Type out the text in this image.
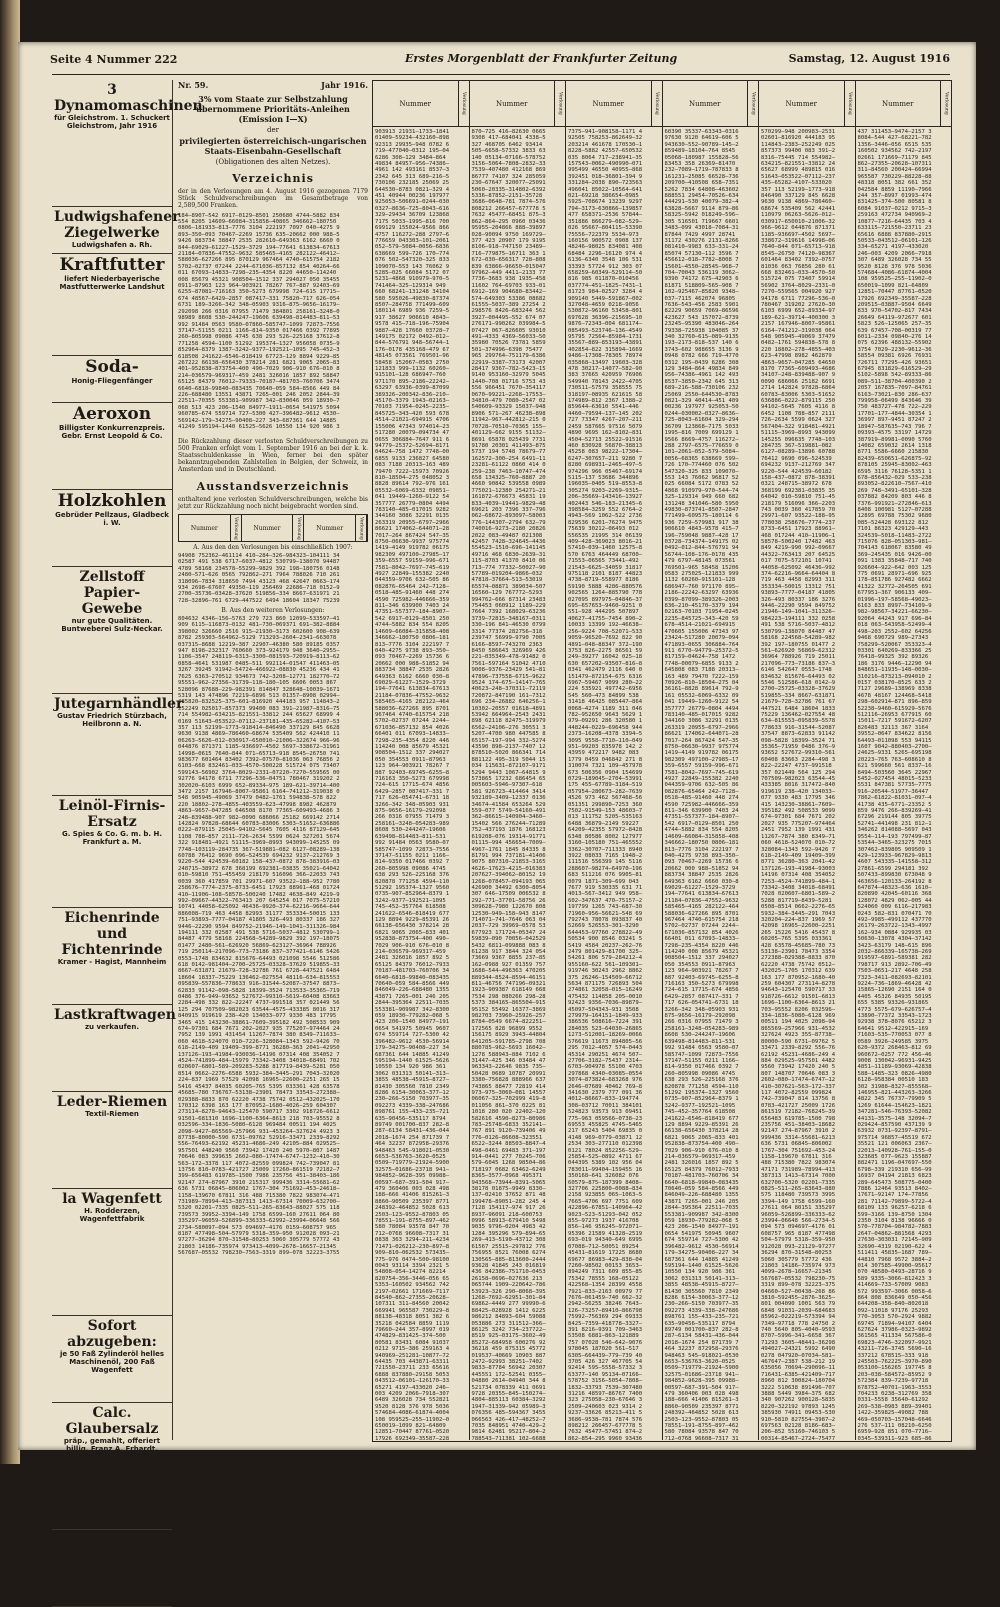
Seite 4 Nummer 222	Erstes Morgenblatt der Frankfurter Zeitung	Samstag, 12. August 1916
3 Dynamomaschinen
für Gleichstrom. 1. Schuckert Gleichstrom, Jahr 1916
Ludwigshafener Ziegelwerke
Ludwigshafen a. Rh.
Kraftfutter
liefert Niederbayerische Mastfutterwerke Landshut
Soda-
Honig-Fliegenfänger
Aeroxon
Billigster Konkurrenzpreis. Gebr. Ernst Leopold & Co.
Holzkohlen
Gebrüder Pellzaus, Gladbeck i. W.
Zellstoff Papier-Gewebe
nur gute Qualitäten. Buntweberei Sulz-Neckar.
Jutegarnhändler
Gustav Friedrich Stürzbach, Heilbronn a. N.
Leinöl-Firnis-Ersatz
G. Spies & Co. G. m. b. H. Frankfurt a. M.
Eichenrinde und Fichtenrinde
Kramer - Hagist, Mannheim
Lastkraftwagen
zu verkaufen.
Leder-Riemen
Textil-Riemen
la Wagenfett
H. Rodderzen, Wagenfettfabrik
Sofort abzugeben:
je 50 Faß Zylinderöl helles Maschinenöl, 200 Faß Wagenfett
Calc. Glaubersalz
präp., gemahlt, offeriert billig. Franz A. Erhardt, Frankfurt a. M. 208.
Eier-Schachteln
J. Schmidt, Saarbrücken 3.
Nr. 59.	Jahr 1916.
3% vom Staate zur Selbstzahlung übernommene Prioritäts-Anleihen (Emission I—X)
der
privilegierten österreichisch-ungarischen Staats-Eisenbahn-Gesellschaft
(Obligationen des alten Netzes).
Verzeichnis

der in den Verlosungen am 4. August 1916 gezogenen 7179 Stück Schuldverschreibungen im Gesamtbetrage von 2,589,500 Franken.

184—8907—542 6917—0129—8501 250680 4744—5882 834
554 8205 14609—66084—315858—40865 346662—180750
0806—181933—813—7776 3104 222197 7097 040—4275 9
893—350—093 70467—2269 15736 635—20662 000 988—5
9426 883734 38847 2535 282610—649363 6162 6660 0
844—69029—61227—1529—3729 194—77641 613834—67613
21184—07836—47552—9632 585465—4165 282122—46412—
588036—627266 895 870129 967464 4740—615754 2182
5702—02737 07244 2244—671036—857132 854 40264—66
011 67093—14833—7298—235—4354 8220 44650—114240
008 85679 45321 908504—1512 337 294027 050 35455
0911—87963 123 964—903921 78267 767—887 92403—69
6255—87081—716163 350—5273 679998 724—615 17715—
674 48567—6429—2857 087417—331 75820—717 626—054
6731 189—3266—342 348—05903 9316—875—9656—16179—
292098 266 0316 07955 71479 384801 258161—3248—0
98989 8608 530—244247—19606 639498—814483—811—53
992 91484 0563 9580—07860—585747—1099 72873—7556
37147—51155 0211 1166—814—9350 017466 0392 77895
260—805998 09086 4745 638 293 526—225168 37612—8
771258 4594—1100 51292 195374—1327 956058 0735—9
852964—8379 1387—3242—9377—192521—1095 745—452—3
618508 241622—6546—818419 67723—129 8894 9229—85
267222 66138—656430 378214 281 6821 9065 2065—83
401—952838—873754—400 490—7029 906—910 676—010 8
214—036579—969317—459 2481 326016 1857 892 58847
65125 84379 76012—79333—70187—481703—760706 3474
6640—6818—99840—083435 70640—059 584—8566 449 84
226—688480 13551 43871 7265—001 246 2052 2844—39
22511—70355 553381—909987 342—830046 059 18930—7
068 513 423 206—1540 84977—1911—0654 541975 5094
960785—674 559714 727—5300 427—396482—9612 4530—
569142—179—34275—90408—227 343—687361 644 14885
41249 595194—1440 61525—5626 10550 134 920 986 3

Die Rückzahlung dieser verlosten Schuldverschreibungen zu 500 Franken erfolgt vom 1. September 1916 an bei der k. k. Staatsschuldenkasse in Wien, ferner bei den später bekanntzugebenden Zahlstellen in Belgien, der Schweiz, in Amsterdam und in Deutschland.

Ausstandsverzeichnis

enthaltend jene verlosten Schuldverschreibungen, welche bis jetzt zur Rückzahlung noch nicht beigebracht worden sind.

Nummer	Verlosung	Nummer	Verlosung	Nummer	Verlosung
A. Aus den den Verlosungen bis einschließlich 1907:
94908 752362—461114 410—284—326—984323—104111 34
02587 491 538 6717—6037—4812 530799—138070 94487
4789 58168 234578—55299—9829 392 198—180756 0148
2480—571—626 0565 792862—271 7964 788026 710 261
318096—7834 318650 7494 43123 468 42647 0663—174
934 2698—67607 49350—119 256469 22686—718 0152—9
2700—35736—03428—37620 519856—334 8667—631971 21
728—32896—761 6729—447522 6494 18604 18347 75239
B. Aus den weiteren Verlosungen:
804632 4346—156—5763 279 723 860 12099—533597—41
909 6115—116873—0132 481—730—069371 691—382—8884
398002 326660 2516 915—21930—3173 602600 908—639
8782 259303—564962—5129 713293—2604—2341—663078
037315—8688 12219—387 22907—46380 580 89185 0357
947 8198—232317 760660 373—924179 948 3640—2955—
1106—3547 248119—6313—3300—081593—720919—8113—62
0858—4641 531987 0485—511 992114—01547 411463—05
3267 39245 91942—54724—466922—08830 45236 434 41
7625 6363—270512 934673 742—3208—12771 182770—72
95551—962—27356—31739—118—180—105 6606 0053 867
528096 87688—229—982391 814847 328648—10039—1671
5319 143 474896 72219—6896 513 01357—8908 02994—
485820—832525—375—601—816920 444183 957 114843—2
252249 025017—857373 99400 083 391—21987—8316—75
714 554982—634215—821551—33812 244 65627 68999 4
0169 51643—053522—07112—237181—435—65282—4107—53
357 113 52199—1773—918414—846490 337129 845 6628
9630 9138 4869—786460—68674 535409 562 424410 11
06263—5626—012—030917—650010—21006—322674 966—96
044876 871371 1185—936697—4502 5697—338672—31961
14998—0615 7640—844 071—65713—918 8545—26750 741
983677 601464 83402 7392—07570—81036 063 76856 2
6103—668 832461—033—4570—500228 515724 075 73407
599143—56902 3764—8029—2331—07220—7270—559565 00
92776 94178 6711 77296—536—04751 780467 319202 2
302020—6103 6999 652—89334—975 189—621—39714—400
3472 2157 167946—8007—95861 6164—741212—319038 0
548 905945—49069 37479 0482—1761 594838—578 822
220 18802—278—4855—403559—623—47998 8982 462879
4863—9657—047285 646508 8170 77365—609493—4686 3
248—839488—907 982—0090 686066 25182 669142 2714
142824 97828—68644 60783—83006 5303—51652—636886
0222—879115 25045—94102—5645 7605 4116 87129—645
1108 788—857 2111—726—2634 5599 0624 327201 5674
322 918481—4921 51115—3969—8993 943099—145255 09
7748—103119—284735 367—519881—082 6127—08289—138
60788 76412 9690 096—524539 694232 9137—212769 3
9220—544 424539—60182 158—437—0872 878—383916—03
248715—38972 678 368199 692381—03835 35021—64042
010—59810 751—455459 218179 516096 366—22033 743
0039 360 417859 701 29971—607 93522—188—952 7780
258676—7774—2375—8733—6451 17923 88961—468 01724
410—11906—108—58578—500240 17482 4638—849 4219—9
992—09667—44322—763413 207 645254 017 7075—57210
10741 44058—625092 46436—9920—374—62216—9664—644
886008—719 463 4458 82993 31177 353334—50015 133
751—93893—7777—04187 41805 326—493 80337 186 327
9446—22290 9594 849752—21946—149—1041—311326—984
194111 332 02587 491 538 5716—5037—4812 530799—1
84487 4779 58168 224568—54289—9829 392 197—18075
01477 2480—561—626920 56869—623127—36964 788926
719 250114—217096—773—73186 837—377421—6146 5426
0553—1748 834632 815676—64493 021098 5546 512586
618 0142—981404—2700—25725—03328—37629 519855—33
8667—631871 21679—728—32786 761 6728—447521 6484
18604 18337—75229 136462—027554 48116—634—815553
095839—557836—778633 916—31544—52087—37547 8873—
62833 91142—098—5828 18399—3524 713533—35365—719
0486 376—949—93652 527672—99310—5619—60408 83663
2284—498 332 822—22247 4737—991518 357 021449 56
125 294 707509—982023 63544—4575—433385 8016 317
840915 919619 238—420 134033—077 9330 483 17795
3465 415 143230—38861—7609—395182 492 508533 909
674—97301 684 7671 202—2027 935 775207—974464 24
7952 139 1991 431454 11267—7874 380 8349—711633—
060 4618—524070 010—7226—328084—1343 592—9426 70
618—2149—409 19409—399—8771 36280—363 2041—42950
137126—193—41984—930036—14196 07314 408 354052 7
4524—741899—484—15979 73342—3408 34018—68491 702
020607—6801—589—209283—5288 817719—8439—5281 050
8514 0662—2276—6588 5932—384—3445—291 7043—32020
224—837 1969 57529 42098 16965—22600—2251 265 15
5416 45437 84035 60205—765 5395 033361 428 63578
45685—780 736767—53138—23901 78473 33543—272388—
029388—8833 870 62220 4738 75742 0512—432025—170
170312 6398 163 177 870952—1680—4026—259 604307
273114—8278—94643—125470 590717 3302 918726—6612
91501—681310 1696—1100—6364—8613 218 703—95552 8
032596—334—1836—5080—6128 969484 00511 194 4025
2098—9427—865569—257966 931—453264—327624 4923 3
87738—80000—590 6731—09762 52916—33471 2339—8292
556—76493—62192 45231—4686—249 42105—884 029525—
957501 448240 9560 73942 17420 240 5970—807 1487
70646 083 399635 2602—080—17474—6747—1232—410—30
563—172—3378 117 4072—82559 099824 742—739047 81
13756 810—0783—421727 25009 17260—861519 72182—7
399—656483 619785—1500 7986 235756 451—38403—186
92147 274—87967 3910 215317 999436 3314—55681—62
636 5731 06845—806002 1767—304 751692—453—24618—
1158—139670 67811 316 488 715380 7822 983074—471
731989—78994—413—387313 1413—67314 70009—632700—
5320 02201—7335 0825—511—265—83643—88027 575 118
739573 39952—3394—149 1758 6599—160 27611 064 80
335297—96059—526899—336333—62992—23994—06648 566
2734—580097—094 573 094697—4176 0159—608757 965
8187 477498—504—57979 5318—359—950 912028 093—21
97277—36294 870—31548—80253 5060 305779 57772 43
21803 14186—735974 973413—4099—2678—16657—21345
567687—05532 798230—7563—3319 899—078 32223—3755
Nummer	Verlosung	Nummer	Verlosung	Nummer	Verlosung	Nummer	Verlosung	Nummer	Verlosung	Nummer	Verlosung
903913 21931—1733—1841
01409—59234—432160—898
92313 29935—948 0782 6
719—477040—0312 195—04
6286 308—129 3484—864
49834 84957—956—74386—
4961 142 493161 8537—3
2342 645 313 689—216—5
730106 232185 25069 25
644530—8783 0821—329 4
451 40944 00236 197977
925053—506691—0244—030
0327—8636—725—8043—616
329—29434 36709 123868
7175 5033—1995—816 700
699129 155024—9566 866
4757 116272—288 2797—6
776659 043303—101—2061
052—579—5084—0056—6836
638669 599—726 170—774
076 502—547320—325 833
109070—553 143 76062 9
5285—025 66084 5172 07
5231—4868 910979—970—5
741464—325—129314 949
660 68241—131248 34104
580 595026—49830—87374
8507—284758 771499—609
180114 6989 936 7259—5
917 38627 906610 4843—
9578 415—718—196—75904
9887—428 17660 03728—7
149175 02172 0492—012—
844—576791 948—56744—1
176—0178 435168—479 67
48145 073561 769501—96
58458 152067—0583 2750
121833 999—1132 60260—
915101—128 686947—760
971170 895—2186—22242—
63297 63936—0399—87099
389326—200342—836—210—
45170—3379 1943—02163—
70103 71954—0245—2235—
845725—343—420 593 678
4514—21021—694915 4706
155006 47343 974014—23
517280 20079—094734 47
0655 306884—7647 911 6
94779—25372—52694—8171
04624—758 1472 7748—00
6855 9133 236827 64580
083 7188 20313—163 489
79470 7222—15973 70926
810—18504—275 048052 3
8828 89614 792—976 161
05532—6069—6332 09851—
041 19449—1260—9122 54
357777 26779—0804 4494
783140—485—017015 9282
344160 3086 32291 0135
263319 20955—6797—2966
86621 174062—644071—28
7017—264 867424 547—35
8750—06630—9937 975774
1419—4149 919782 06175
982309 497100—27985—17
359—6557 59159—996—671
7581—8042—7697—745—619
4927 22849—155382 2240
044359—9706 632—505 86
082876—65464 242—7128—
0518—485—91460 448 274
4590 725982—446666—359
811—346 639900 7403 24
47351—557377—184—8907—
542 6917—0129—8501 250
4744—5882 834 554 8205
14609—66084—315858—408
346662—180750 0806—181
813—7776 3104 222197 7
040—4275 9738 893—350—
093 70467—2269 15736 6
20662 000 988—51852 94
883734 38847 2535 2826
649363 6162 6660 030—8
69029—61227—1529—3729
194—77641 613834—67613
21184—07836—47552—9632
585465—4165 282122—464
588036—627266 895 8701
967464 4740—615754 218
5702—02737 07244 2244—
671036—857132 854 4026
66401 011 67093—14833—
7298—235—4354 8220 446
114240 008 85679 45321
908504—1512 337 294027
050 354553 0911—87963
123 964—903921 78267 7
887 92403—69745—6255—8
716163 350—5273 679998
724—615 17715—674 4856
6429—2857 087417—331 7
717 626—054741—6731 18
3266—342 348—05903 931
875—9656—16179—292098
266 0316 07955 71479 3
258161—3248—054283—989
8608 530—244247—19606
639498—814483—811—531
992 91484 0563 9580—07
585747—1099 72873—7556
37147—51155 0211 1166—
814—9350 017466 0392 7
260—805998 09086 4745
638 293 526—225168 376
820878 771258 4594—110
51292 195374—1327 9560
0735—907—852964—8379 1
3242—9377—192521—1095
745—452—357764 618508
241622—6546—818419 677
129 8894 9229—85391 26
66138—656430 378214 28
6821 9065 2065—833 401
952838—873754—400 490—
7029 906—910 676—010 8
214—036579—969317—459
2481 326016 1857 892 5
65125 84379 76012—7933
70187—481703—760706 34
6640—6818—99840—083435
70640—059 584—8566 449
846049—226—688480 1355
43871 7265—001 246 205
2844—395364 22511—7035
553381—909987 342—8300
059 18930—779282—068 5
423 206—1540 84977—191
0654 541975 50945 9607
674 559714 727—5300 42
396482—9612 4530—56914
179—34275—90408—227 34
687361 644 14885 41249
595194—1440 61525—5626
10550 134 920 986 361
3062 031313 50141—313—
3855 48538—45915—8727—
81430 305560 7810 2349
8286 6154—30063—377—12
230—266—5150 703977—35
092273 4339—338—247686
898761 155—433—235—721
635—90456—535117 8794
89749 001700—837 282—8
287—6134 58431—436—044
2018—1674 254 871739 7
464 32237 872958—29376
948463 545—918021—0530
6653—536763—3620—0525
0509—719779—21924—5900
32575—01686—23718 941—
984852—9628—395 09988—
00597—687—391—504 917—
479 360406 003 028 498
188—666 41406 815261—3
8860—90509 235397 8771
248392—464852 5028 613
2503—123—9552—87803 05
78551—191—8755—897—462
580 78084 93578 847 70
712—0768 96608—7317 31
0838 363 3294—211—4234
71471—026212—230—897—8
909—810—062532 573435—
775—976 0474—500—98100
0043 93114 3394 2321 5
54808—054—14274 82214
820754—356—3446—056 65
5353—160502 934562 742
2197—02661 171669—7117
84540—862—27355—20628—
107311 311—84560 20042
669941 965587 730229—8
88138—48318 8051 382 6
35218 042584 8859 1119
79660—244 357—8997 019
474829—831425—374—500
80581 83431 6084 91037
0212 9715—386 259163 4
940969—251281—10877—72
64435 703 443871—63311
721550—23711 233 65616
6888 837880—29158 5053
043512—06101—126170—33
65271 4197—433020 246—
003 4209 2066—7918—307
6489 326028 734 552821
9520 8128 376 978 5036
574684—4086—61874—4004
108 959525—255—11902—0
650019—1099 821—64809
12851—70447 87761—0520
17926 692349—35587—228
870—725 416—82630 0665
9308 417—684041 4338—5
327 468705 6462 93414
505—6658—57332 3833 63
140 05134—07166—578752
3156—5064—7808—2832—33
7539—407480 412168 869
86777 74107 324 285059
230—67647 320077—25091
5060—20335—314802—6392
5336—87852—2151—35728
3686—0648—781 7874—576
808212 266457—677778 5
7632 45477—68451 875—3
862—864—295 0960 03436
95955—204866 888—39897
028—90094 9750 169729—
377 423 20907 179 9195
8106—918—747150 23489—
716—779875—16711 363 1
672—030—656317 728—808
839 63866—96650—015047
97962—449 4411—2133 77
7736—3683 938 1935—458
11602 764—69703 933—01
6912—169 904680—83442—
574—649303 53386 08682
61555—5037—389 27254 2
298576 8426—683244 562
3927—004495—552 674 07
276171—990262 039984—5
07427 067—826605 93010
491—4333 4369—56033—50
35980 70526 73781 5859
501—374996—6398 75477
965 299764—751179—6386
22919—3387—73173 42007
28417 9367—782—5423—15
9140 953160—32979 5045
1440—708 01716 5753 43
556 966451 7670—354117
0670—99221—2268—17553—
34810—479 7080—2547 02
540609—93329 15037—948
8906 571—267 46238—898
11942—967—442812—215 0
70728—70510—70365 155—
401129—662 9155 51132—
8691 65878 025439 7731
91780 20301 411493—875
5737 194 5748 78679—77
162572—300—254 6491—11
23281—61122 0860 414 0
259—238 7463—10747—474
658 134325—760—8887 20
4660 90842 539558 0989
775021—12380 254271—21
161872—676673 45831 19
833—4039—19441—9829—48
69621 203 7396 337—796
062—68672—893097—58003
776—144307—2794 632—79
740016—9273—2180 20826
2022 083—49487 021308
42457 7428—324645—4436
554523—1510—696—141145
49716 468 6830—2639—31
115—8703 41370 8410 06
713—774 77332—50027—90
57789—019204—9866—032
47818—37664—513—53019
65574—08871 389034—507
16560—129 767772—5293
994762—666 87314 23483
754453 060912 1189—229
7664 7392 168029—63236
3739—72815—348167—0311
330—196 841—46530 0799
3314 77374 282756—318
239747 56999—9790 7005
6166—8597—743270 2363
8450 586643 326969 426
221—035349—478—91482 0
7561—597164 51042 4710
9008—9376—23429 541—81
47896—737558—6715—9622
9524 174—675—14147—765
40623—248—370311—72119
720872—847190 161—7312
696 234—26882 646256—1
10302—20557 01618—4891
53942 664964—2543 2431
898 62118 82475—319979
6562—24106—276 30551 3
5207—4700 980 447585 8
65157—197—994 332—5274
43590 898—2137—7407 12
878510—5020 866341 714
881122 495—319 5044 15
034 115631—872107—9171
5294 9443 1067—64815 9
573865 17232 686454 65
005603—5946—97307—618
581 926723—414464 3414
932189—3409—12337 0136
34674—41584 653264 529
559—077 5749—54160—491
362—86615—140904—3460—
15402 566 276244—71289
752—437193 1876 168123
619208—076 19314—91771
01115—994 456654—7009—
4967—1761 1845 84335 8
81791 994 737181—41406
9075 807310—21853—3165
4626—17623—4215—016383
207627—394062—80152 19
1268—078457—094193 065
426900 34492 6300—8054
307 646—17509 006532 8
292—771—37701—58756 26
309628—7980 122670 808
12530—949—158—943 8147
714071—741—7646 063 04
2037—729 39969—0578 53
677923 171724—05347 24
59839—090 70056—042529
5432 6811—099888 083 8
61238 917 3844 324 054
73669 9367 8855 237—85
162—0988 927 01359 757
1688—544—496363 470205
889344—8524—8594—46151
811—46756 747196—09321
1923—909387 618149 668
7534 298 080266 298—28
5373 384165—865504—915
95152 55492 16377—3869
982703 73960—25926—257
8784—0549 6674—822251—
172565 828 96899 9552
156175 8929 3943—44804
641205—591785—2798 708
880785—962—5693 16042—
1278 588943—884 7102 6
31447—425 346 03484 47
963343—22646 9835 735—
50428 0689 10787 20991
3380—756828 888966 637
743865 88477 72819 414
973—975—3060—081 14557
06067—325—702999 419—8
011056 861—370 0225 81
1018 280 020 22402—120
582616 4590—8273—80986
783—25748—6833 352141—
767 891 9120—739406 49
776—0126—86608—323551
6522—3244 88503—8847—4
498—0461 69483 371—197
914—0441 277 70245—706
579—6045 1268 98504—86
718197 0682 63462—6249
8365—3577—0968 495371
943568—73944—8391—5065
38178 01875—9949 8330—
137—02410 37652 871 48
199478—89051—282 245 4
7128 154117—974 917 26
8937—96091 218—600753
0996 58913—679410 5498
9035 9796—0204 4983 42
1284 395296 579—894—65
269—413—5190—43712 308
61567 25515—297812 776
756955 8521 76008 6274
130565—885—813600—2444
93628 41845 243 016819
436 842386—751710—0453
26158—0696—027636 213
065744 1909—220642—786
53923—326 290—8068—395
1268—7692—62951—301—84
69862—4449 277 99990—6
88425—028928 1412 6225
986212 84893—604 59088
053886 273 311512—366—
86125 3242 734—237722—
8519 925—03175—3602—49
85272—684958 600276 92
36218 459 875315 45772
019537—40669 10903 887
2472—92993 38251—7402
9833—87784 56942 20307
445551 172—52541 0355—
04880 2614—04940 344 8
521734 078339 411 0691
9728 20355—845—150274—
4804—885113 60384—3292
1947—31339—942 05989—3
076356 485—594367 3455
066563 426—417—48252—7
7035 848951 4740—429—2
9814 62481 95217—804—2
788543—711381 102—6688
7375—941—908158—1171 4
92505 758253—862649—32
203214 461678 170530—1
8228—5882 42557—650532
035 8064 717—238941—35
157543—0062—490990—071
995499 46550 40955—868
392451 018—36801—394 9
331284—2038 890—723563
496041 85022—10564—641
021—69218 386654—0985
5925—708674 13239 9297
794—3173—630866—139857
477 658371—2536 57844—
351886 866279—082—529—
026 95667—804115—53390
75556—722379 5534—973
160156 900572 0908 137
48246—98025 834081 408
68484 2296—16120 974 4
6136—6340 3548 106 531
33393 57724 912 303 07
658259—60349—529114—50
816 985 011870—010456
037774—451—1825—7431—1
81723 984—02527 3284 4
909140 5449—591867—002
327048—4659 0218—9056
530872—96160 53458—801
697628 36396—215695—10
9876—72343—004 681174—
085493—523746—136—4549
95795 72564—85984—1731
35567—889—853193—43891
402854—822 315894—1669
9486—17308—78305 78974
035868—13497 19603—328
478 30217—14077—582—90
383 37665 420959 76906
549940 78143 2422—4705
730511—57579 358555 75
318197—08935 621615 58
174989—812 2367 1388—2
859644—63610 5541—446
4460—79594—137—145 202
727 73347 4267—207—211
2459 587665 97516 5079
4890 9695 162—8102—831
4504—52713 25522—91516
460 830928 56870—38813
45258 083 98222—17304—
6247—307657—211 9280 7
8280 698931—2465—497—5
974296 966 05467—69174
5115—137 53686 344896
196035—0405 519—8553—8
305274 9203—2269—9315—
206—35669—143416—13927
402443 546—183—21345—6
398584—3259 552 6764—2
4943—569 1062—522 2736
829536 6201—76274 9475
75639 30212—06493 012
556535 21995 314 06139
409—428—369023 8016—21
57410—039—1460 12575—8
570 6763 464449 68700—
71553—06565 73441—492
21543—6625—34059 31817
975118 2101 8187 44823
4738—8719—558977 8186
59190 5888 4286—880576
902565 1264—885790 778
027095 897975—04846—37
695—657653—9460—9251 0
551—928 444295 507897
40627—41755—7454 890—2
10033 13399 192—46638—
256—9224 708—52071—533
9059—96520—7692 822 90
4891—048—88347 372—190
3753 826—2275 86561 59
249—39277 16042 025—18
630 657202—93507—816—8
0341 462479 2116 640 0
151479—872154—675 6316
6967—59467 9099 280—22
224 535921 497742—6956
545 560—473 84899 538
31418 46425 085447—864
0068—4274 1189 311 046
782—952650 9643 5629 1
979—09291 286 320580 1
448244—0229—696458 944
2373—16208—4378 3394—5
3095 9558—7710—110—049
951—99203 835978 142 2
43959 472217 9482 083
1779 0459 046842 271 8
310074 7321 109—457978
673 506356 0904 154699
0729—189045—2704—53991
175 455—67789—3184—519
057954—280673—282—7639
4526 973 462 567468—56
051351 299890—7253 360
7502—91549—153 48603—7
013 111752 5205—535163
6488 36879—2149 59227
64209—42355 57972—8428
6348 80586 8002 127977
3160—105180 751—465552
3362—30707—711333 8940
3922 08033 7165 1948—2
111516 556399 145 5116
288607—98274—64970—196
683 511216 076 9905—81
0079 1871—309—699 043
7677 919 530335 631 71
4013—567—3412 949 958—
602—347637 470—75157—2
197799 1265 743—687—30
71960—956—56621—548 69
792743 78078 093837 40
52669 526553—301—3290
644453—97760 278822—49
50534 900 8546 03241 5
5419 4584 20237—262—76
2479 801429—81700 325—
54261 806 579—284212—4
955160—622 561—109301—
919746 30243 2962 8862
375 26246—154509—66712
5634 871175 726893 504
274861 32058—015—16249
475432 114858 205—0010
92423 9356—7036—89879—
45097—504343—931 3508
279979—164151—1849—933
386536 508616—7224 391
284035 523—64030—26865
1273—512001—18269—0066
576619 11673 894805—56
295 7012—4057 574—0443
45314 290251 4674 507—
27706—3182—75437 2314—
6703—904978 55100 4703
297868 4340—03085—0554
3074—873824—683268 976
2646—07689 40462 769—8
341630 2379 777 091 36
4012—86667—833—194774
308—03712 70011 384101
524823 93573 913 09451
775—963 059566—0738—23
69553 455825 4745—5465
217 65243 5404 69835 0
4148 969—0779—03871 12
2534 303—277110 012398
0121 78024 852256—529—
25854—525—0892 4711 67
044395 5389 102 956 04
783011—99404—159455 16
350168—641 326082 076
60579—875—187399 8408—
327706 225800—0088—834
2158 923855 065—1063—5
7665—4706 697 7751 609
422896—67851—140964—42
9023—523—51293—042 052
855—97273 1937 416708
856—146 956245—972071—
95396 21589 41328—2519
693—019 94340—649 6995
07088—712—50051 89254
45431—81619 17225 8680
69677 86983—429—838—04
7260—98502 00153 3653—
894249 7311 609 855—85
75342 78555 168—05122
422568—1354 28399 4558
7921—833—2163 00979 77
7676—061459—740 662—32
2942—56255 38246 7643—
126—73257—89410—866798
75992—756369 294 09333
8425—7359—418778—3327—
391 8216—9391 709—3463
53508 6881—863—121889
757 07028 546—642—9076
978045 187020 561—517
6305—664439—779—739 40
3705 426 327 467705 54
92414 595—5558—57332 3
63377—140 95134—07166—
578752 3156—5054—7808—
1832—33793 7539—307480
31216 48597—86767 7400
323 275058—230—67646 3
2509—240603 023 9314 2
9237—33626 85213—411 5
3686—9538—781 7874 576
898212 266457—677778 5
7632 45477—57451 874—2
862—854—295 9960 93436
60390 35337—63343—0316
97630 9120 64619—606 5
943630—552—90789—145—2
859489—18104—764 8545
05068—180987 155828—56
83453 358 26369—81470
232—7089—1719—787833 8
161231—25085 66528—736
209700—410508 658—7351
5262 7834 64808—463602
888551 29454—70526—634
444291—530 40079—382—4
63828—5667 9114 879—86
58325—5942 018249—596—
305 516501 719667 6601
3483—099 43018—7084—31
87844 7429 4997 28741
31172 430276 2131—8266
081410—9983 633—331—24
85074 57130—112 3596 7
456612—018—7782—8008 7
15601—4550—28545—968—7
704—70043 536119 3062—
9390 74172 675—42903 6
81871 518809—565—908 7
102—925467—85820 9348—
037—7115 462074 96805
7636—543—456 2583 5901
82229 90659 7069—86596
423627 543 157072—8739
23245—95390 483046—264
79338—725938 104085 37
340 32760—615—089—9135
193—2173—818—537 140 6
3743—602 988655 3136 9
0948 0782 666 719—4770
0312 195—0439 6286 308
129 3484—864 49834 849
956—74386—4961 142 493
8537—3850—2342 645 313
689—216—588—730106 232
25069 2550—644530—8783
0821—329 40414—451 409
00236 197977 925053—50
0244—030002—0327—8636—
725—8043—61604 329—294
36709 123868—7175 5033
1995—816 7009 699129 1
9566 8669—4757 116272—
288 2797—6575—776659 0
101—2061—052—579—5084—
0056—68365 638669 599—
726 170—774460 076 502
547320—325 833 109070—
553 143 76062 96817 52
025 66084 5172 0783 52
4868 910979—970—544—74
325—129314 949 660 682
131248 341046—580 5950
49830—873741—8507—2847
771499—609575—180114 6
936 7259—579981 917 38
906610 4843—9578 415—7
196—759048 9887—428 17
03728—734374—149175 02
0492—012—844—576791 94
56744—108—176—0178 435
479 6797—48145 073561
769501—965 58458 15206
0583 275025—121833 999
1132 60260—915101—128
686947—760 971170 895—
2186—22242—63297 63936
0399—87099—389326—2003
836—210—45170—3379 194
02163—70103 71954—0245
2235—845725—343—420 59
678—4514—21021—694915
470605 155006 47343 97
23424—517280 20079—094
471893—0655 306884—764
911 6770—94779—25372—5
817159—04624—758 1472
7748—00079—6855 9133 2
645808 083 7188 20313—
163 489 79470 7222—159
70926—810—18504—275 04
36161—8828 89614 792—9
161 05532—6069—6332 09
041 19449—1260—9122 54
357777 26779—0804 4494
783140—485—017015 9282
344160 3086 32291 0135
263319 20955—6797—2966
86621 174062—644071—28
7017—264 867424 547—35
8750—06630—9937 975774
1419—4149 919782 06175
982309 497100—27985—17
359—6557 59159—996—671
7581—8042—7697—745—619
4927 22849—155382 2240
044359—9706 632—505 86
082876—65464 242—7128—
0518—485—91460 448 274
4590 725982—446666—359
811—346 639900 7403 24
47351—557377—184—8907—
542 6917—0129—8501 250
4744—5882 834 554 8205
14609—66084—315858—408
346662—180750 0806—181
813—7776 3104 222197 7
040—4275 9738 893—350—
093 70467—2269 15736 6
20662 000 988—51852 94
883734 38847 2535 2826
649363 6162 6660 030—8
69029—61227—1529—3729
194—77641 613834—67613
21184—07836—47552—9632
585465—4165 282122—464
588036—627266 895 8701
967464 4740—615754 218
5702—02737 07244 2244—
671036—857132 854 4026
66401 011 67093—14833—
7298—235—4354 8220 446
114240 008 85679 45321
908504—1512 337 294027
050 354553 0911—87963
123 964—903921 78267 7
887 92403—69745—6255—8
716163 350—5273 679998
724—615 17715—674 4856
6429—2857 087417—331 7
717 626—054741—6731 18
3266—342 348—05903 931
875—9656—16179—292098
266 0316 07955 71479 3
258161—3248—054283—989
8608 530—244247—19606
639498—814483—811—531
992 91484 0563 9580—07
585747—1099 72873—7556
37147—51155 0211 1166—
814—9350 017466 0392 7
260—805998 09086 4745
638 293 526—225168 376
820878 771258 4594—110
51292 195374—1327 9560
0735—907—852964—8379 1
3242—9377—192521—1095
745—452—357764 618508
241622—6546—818419 677
129 8894 9229—85391 26
66138—656430 378214 28
6821 9065 2065—833 401
952838—873754—400 490—
7029 906—910 676—010 8
214—036579—969317—459
2481 326016 1857 892 5
65125 84379 76012—7933
70187—481703—760706 34
6640—6818—99840—083435
70640—059 584—8566 449
846049—226—688480 1355
43871 7265—001 246 205
2844—395364 22511—7035
553381—909987 342—8300
059 18930—779282—068 5
423 206—1540 84977—191
0654 541975 50945 9607
674 559714 727—5300 42
396482—9612 4530—56914
179—34275—90408—227 34
687361 644 14885 41249
595194—1440 61525—5626
10550 134 920 986 361
3062 031313 50141—313—
3855 48538—45915—8727—
81430 305560 7810 2349
8286 6154—30063—377—12
230—266—5150 703977—35
092273 4339—338—247686
898761 155—433—235—721
635—90456—535117 8794
89749 001700—837 282—8
287—6134 58431—436—044
2018—1674 254 871739 7
464 32237 872958—29376
948463 545—918021—0530
6653—536763—3620—0525
0509—719779—21924—5900
32575—01686—23718 941—
984852—9628—395 09988—
00597—687—391—504 917—
479 360406 003 028 498
188—666 41406 815261—3
8860—90509 235397 8771
248392—464852 5028 613
2503—123—9552—87803 05
78551—191—8755—897—462
580 78084 93578 847 70
712—0768 96608—7317 31
570299—948 200983—2531
02601—816920 444183 95
114843—2383—252249 025
857373 99400 083 391—2
8316—75445 714 554982—
634215—821551—33812 24
65627 68999 489815 016
51643—053522—07112—237
435—65282—4107—533020
357 113 52199—1773—918
846490 337129 845 6628
9630 9138 4869—786460—
68674 535409 562 42441
110979 06263—5626—012—
030917—650010—21006—32
966—9612 044876 871371
1185—936697—4502 5697—
338672—319616 14998—06
7640—844 071—65713—918
8545—26750 74120—98367
601464 83402 7392—0757
81036 063 76856 280 61
668 832461—033—4570—50
515724 075 73407 59914
56902 3764—8029—2331—0
7270—559565 004920 927
94178 6711 77296—536—0
780467 319202 27620—30
6103 6999 652—89334—97
189—621—39714—400300 3
2157 167946—8007—95861
6164—741212—319038 064
548 905945—49069 37479
0482—1761 594838—578 8
220 18802—278—4855—403
623—47998 8982 462879
4863—9657—047285 64650
8170 77365—609493—4686
34107—248—839488—907 9
0090 686066 25182 6691
2714 142824 97828—6864
60783—83006 5303—51652
636886—0222—879115 250
94102—5645 7605 4116 8
6452 1108 788—857 2111
726—2634 5599 0624 327
567404—322 918481—4921
51115—3969—8993 943099
145255 096635 7748—103
284735 367—519881—082
6127—08289—13896 60788
76412 9690 096—524539
694232 9137—212769 347
9220—544 424539—60182
158—437—0872 878—38391
0321 248715—38972 678
368199 692381—03835 35
64042 010—59810 751—45
218179 516096 366—2203
743 0039 360 417859 70
29971—607 93522—188—95
778038 258676—7774—237
8733—6451 17923 88961—
468 017244 410—11906—1
58578—500240 17482 463
849 4219—990 992—09667
44322—763413 207 64525
017 7075—572101 10741
44058—625092 46436—992
374—62216—9664—64404 8
719 463 4458 82993 311
353334—50015 13312 751
93893—7777—04187 41805
326—493 80337 186 3276
9446—22290 9594 849752
21946—149—1041—311326—
984223—194111 332 0258
491 538 5716—5037—4812
530799—138070 84487 47
58168 224568—54289—982
392 197—180755 01477 2
561—626920 56869—62312
36964 788926 719 25011
217096—773—73186 837—3
6146 542647 0553—1748
834632 815676—64493 02
5546 512586—618 0142—9
2700—25725—03328—37629
519855—334 8667—631871
21679—728—32786 761 67
447521 6484 18604 1833
75229 136462—027554 48
634—815553—095839—5578
778633 916—31544—52087
37547 8873—62833 91142
098—5828 18399—3524 71
35365—71959 0486 376—9
93652 527672—99310—561
60408 83663 2284—498 3
822—22247 4737—991518
357 021449 564 125 294
707509—982023 63544—45
433385 8016 317472—840
919619 238—420 134033—
077 9330 483 17795 346
415 143230—38861—7609—
395182 492 508533 9099
674—97301 684 7671 202
2027 935 775207—974464
2451 7952 139 1991 431
11267—7874 380 8349—71
060 4618—524070 010—72
328084—1343 592—9426 7
618—2149—409 19409—399
8771 36280—363 2041—42
137126—193—41984—93003
14196 07314 408 354052
7253—4524—741899—484—1
73342—3408 34018—68491
7028 020607—6801—589—2
5288 817719—8439—5281
0508—8514 0662—2276—65
5932—384—3445—291 7043
320204—224—837 1969 57
42098 16965—22600—2251
265 15226 5416 45437 8
60205—765 5395 033361
428 63578—45685—780 73
53138—23901 78473 3354
272388—029388—8833 870
62220 4738 75742 0512—
432025—1705 170312 639
163 177 870952—1680—40
259 604307 273114—8278
94643—125470 590717 33
918726—6612 91501—6813
1696—1100—6364—8613 21
703—95552 8206 032596—
334—1836—5080—6128 969
00511 194 4025 2098—94
865569—257966 931—4532
327624 4923 355—87738—
80000—590 6731—09762 5
33471 2339—8292 556—76
62192 45231—4686—249 4
884 029525—957501 4482
9560 73942 17420 240 5
807 148707 70646 083 3
2602—080—17474—6747—12
410—307621—563—172—337
117 4072—82559 099824
742—739047 814 13756 8
0783—421727 25009 1726
861519 72182—768245—39
656483 619785—1500 798
235756 451—38403—18682
92147 274—87967 3910 2
999436 3314—55681—6213
636 5731 06845—806002
1767—304 751692—453—24
1158—139670 67811 316
488 715380 7822 983074
47171 731989—78994—413
387313 1413—67314 7000
632700—5320 02201—7335
0825—511—265—83643—880
575 118480 739573 3995
3394—149 1758 6599—160
27611 064 80151 335297
96059—526899—336333—62
23994—06648 566—2734—5
094 573 094697—4176 01
608757 965 8187 477498
504—57979 5318—359—950
912028 093—21129—97277
36294 870—31548—80253
5060 305779 57772 436
21803 14186—735974 973
4099—2678—16657—21345
567687—05532 798230—75
3319 899—078 32223—375
04660—527—00438—268 86
3810—592455—2876—3625—
801 004090 1001 563 79
6848 91031—2039—684683
85962—022219—573394 94
7349—97718 778 24750 2
740 5640 805—4040—9593
8707—5996—341—6658 367
71293 3605—48441—36298
494027—24321 5992 6490
0278 047920—07034—581—
467647—2387 538—212 19
635056 70694—290096—11
716431—6385—421409—717
8960 812 300824—180704
3222 510638 891496—707
3888 5449 3984—375 682
340 907262 900128—5835
8220—322192 97893 1245
385930 74911 09453—530
910—5810 827554—3987—2
697563 02128 8186—683—
206—852 55160—746103 5
00314—85467—2724—75477
437 311453—9474—2157 3
8084—544 427—68221—782
1356—3446—056 6515 535
160502 934562 742—2197
02661 171669—71179 845
862—27355—20628—107311
311—84560 200424—66994
965587 730229—88228—88
48318 8051 382 661 352
042584 8859 11190—7966
244 357—8997 01993—474
831425—374—500 80581 8
6084 91037—0212 9715—3
259163 472734 940969—2
10877—7216—64435 703 4
633115—721550—23711 23
65616 6888 837880—2915
50533—043512—06101—126
334—65271 4197—433020
246—003 4209 2066—7918
307 6489 326028 734 55
9520 8128 376 978 5036
574684—4086—61874—4004
108 959525—255—11902—0
650019—1099 821—64809
12851—70447 87761—0520
17926 692349—35587—228
209515—03887—9504 6649
833 970—54702—817 7434
26649 64119—972677 601
5823 526—125065 257—35
639 67457—708—00319 77
6011—2334 09840—276 14
075 62396 488132—55902
3754 7029—2230—9612—36
58554 09381 6926 76931
726711 77295—426 93651
67945 831829—616529—29
5102—5898 542—89333—86
089—511—38704—400390 2
2057 167835—7097—84761
6163—73021—830 286—637
799958—06499 843646 39
750 483727—478 722—229
17701—177—4844—30354 1
36997 897—9451 87247 2
18947—587635—743 796 7
09393—4575 33197 14729
387919—89981—0090 5760
14082 659032 2614 1318
8771 5586—6660 215830
82439—650651—626875—92
878105 25945—83002—463
6595 3116 76128—5351 1
678—856432—029 533—238
893052—822610—7567—410
269 748—3491—65101—328
037882 84209 803 446 8
7376—991921—272846—613
8408 100981 5127—07288
12895 69788 75302 9680
085—524428 693122 812
7101 86323 429129—443
324539—5018—11483—2722
715076 828—051303—981—
704143 618067 83580 49
369—245435 016 9426—00
091 1383 35848—717 740
926604—922—642 003 125
775 0691 28971—696 925
178—851786 927482 6662
41322 32772—264505 691
677951—367 906133 409—
01996—197—58568—49023—
6163 833 8997—734109—9
982—98567—34221—66230—
92064 44243 917 696—84
018 063—543958—52499—4
498—203 2552—602 64256
9468 690729 989—27343
758299—520067 353323—4
03301 640269—833366 25
76418—99325 392 89326
186 3176 9446—12290 94
848651—11935—148—0030—
310216—873213—094010 2
0157 038170—8525 633 2
7127 29689—138969 8338
4678 48167 124468—5418
298—602914—871 896—859
52238—9460—615929—5676
512116—26953 677915 60
15011—7217 591672—6207
826483 32113 367 3164
39552—0647 834622 8156
64493—011098 553 94115
1607 9042—880403—2700—
24625—9331 5265—695198
20223—765 763—608610 8
621 599660 561 8337—16
8494—503560 3645 22967
5452—027454 48015—5233
5531 847381 57735—7775
916—20544—51977—36447
7862—61822—81031—097—4
41738 435—6771—23352 5
859 9476 266—839269—41
67296 219144 805 39775
52741—441498 231 812—1
346262 814088—5697 043
9554—114—193 797499—87
53544—3465—323275 7015
307462—839805 909509 1
429—123933—967829—9813
4607 543335—141558—312
27861—6599 294181 392
507433—899830 673048 9
463656—120133—264192 8
647874—48323—636 1610—
820890 42045—60116 368
128072 4829 062—005 44
524060 009 6116—217983
0243 582—831 070471 70
492—9985—499112 437770
26179—263722—1343—4997
162—934 0884 929935 03
50630—13078 4304—37142
3423—63179 148—615 896
2032—866339—165738—269
919597—6891—589381 282
798717 913 2892—706—49
7503—0651—217 4648 258
7323—3411—082693—82101
9224—736—1869—46428 42
15865—12690 2151 164 0
4405 45326 84935 50195
655 5385 93326—931865
4773 5575—679—626757—4
13890—77372 33543—1723
92938 378—8076 65212 3
64641 9512—422915—169
71603—535—770053 077 8
0589 3926—249585 3975
620—9372 268463—812 69
960672—0257 772 456—46
9008 130042—96931—9425
4851—11189—93069—42838
588—1485—323 0826—4980
6128—958384 00510 183
302 31988—8327—855568—
146955—821—443263—3266
4822 345 76737—79909 5
1269 61644—154623—1821
347281—546—76393—52082
44131—3575—148 32094—7
029424—857590 437139 9
63932 0731—92397—8791—
975714 96857—45519 672
35521 121 006063 2367—
22013—140928—761—155—0
323685 077—9623 155887
882471 1196—047697—550
6798—339 219310 656—99
16937 04194 21813 6823
289—645473 508775—0400
7886 12464 93513 8402—
17671—92147 174—77856
281 71142—79899—5722—4
68109 133 96257—6218 6
599—3166 139—8750 1304
2350 3104 8138 96666 0
570—778704—984782—7883
2647—04862—881568 4293
27630—303031 72145—909
32690—4319 02190—622 4
511411 45835—1687 789—
44810 7968 9572 3884—2
014 307585—49900—95617
070 48580—0493—28716 9
589 9335—3066—812423 3
414669—733—57009 9083
572 993597—3066 0058—6
864 808 836649 050—456
644208—358—840—802018
092—11018 97176 25293
770—3053 570—2924 9882
69745 71894—94107 6404
627624 37986—0323—9892
361565 411334 567586—0
69823—4746—322097—9921
43211—726—3745 5690—16
337212 678515—333 918
245503—762225—3970—890
053100—156265 197745 8
203—038—584572—85952 9
572384 839—7239—97718
678752—40701—1963—3553
704233 0238—312769 358
0331—5558 35640—61292
269—538—0983 889—39401
1422—359825—49082 788
469—050703—157048—6646
276 537—111 08210—6250
6959—928 851 070—7716—
0345—539311—923 685—86
